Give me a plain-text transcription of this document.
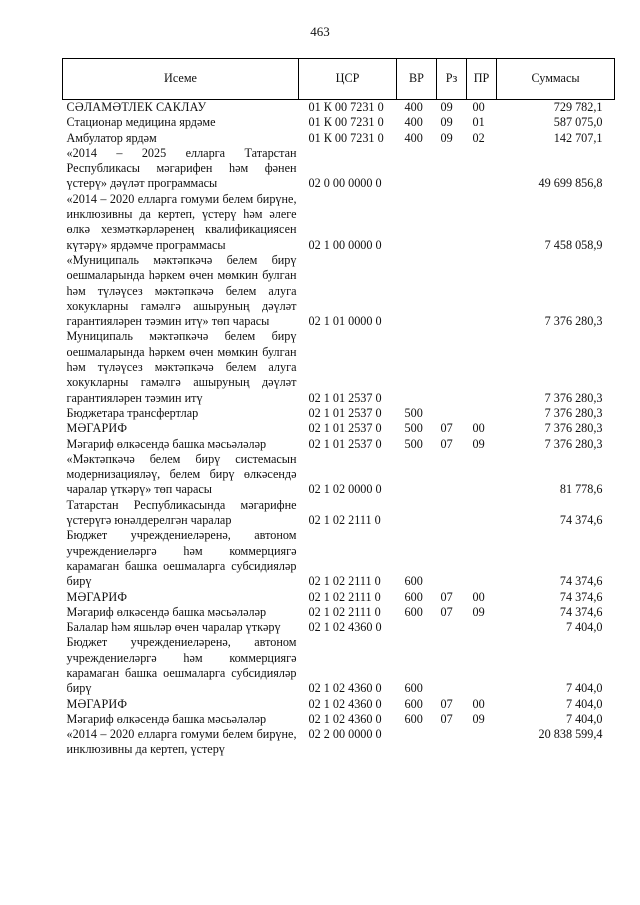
463
Исеме	ЦСР	ВР	Рз	ПР	Суммасы
СӘЛАМӘТЛЕК САКЛАУ	01 К 00 7231 0	400	09	00	729 782,1
Стационар медицина ярдәме	01 К 00 7231 0	400	09	01	587 075,0
Амбулатор ярдәм	01 К 00 7231 0	400	09	02	142 707,1
«2014 – 2025 елларга Татарстан Республикасы мәгарифен һәм фәнен үстерү» дәүләт программасы	02 0 00 0000 0				49 699 856,8
«2014 – 2020 елларга гомуми белем бирүне, инклюзивны да кертеп, үстерү һәм әлеге өлкә хезмәткәрләренең квалификациясен күтәрү» ярдәмче программасы	02 1 00 0000 0				7 458 058,9
«Муниципаль мәктәпкәчә белем бирү оешмаларында һәркем өчен мөмкин булган һәм түләүсез мәктәпкәчә белем алуга хокукларны гамәлгә ашыруның дәүләт гарантияләрен тәэмин итү» төп чарасы	02 1 01 0000 0				7 376 280,3
Муниципаль мәктәпкәчә белем бирү оешмаларында һәркем өчен мөмкин булган һәм түләүсез мәктәпкәчә белем алуга хокукларны гамәлгә ашыруның дәүләт гарантияләрен тәэмин итү	02 1 01 2537 0				7 376 280,3
Бюджетара трансфертлар	02 1 01 2537 0	500			7 376 280,3
МӘГАРИФ	02 1 01 2537 0	500	07	00	7 376 280,3
Мәгариф өлкәсендә башка мәсьәләләр	02 1 01 2537 0	500	07	09	7 376 280,3
«Мәктәпкәчә белем бирү системасын модернизацияләү, белем бирү өлкәсендә чаралар үткәрү» төп чарасы	02 1 02 0000 0				81 778,6
Татарстан Республикасында мәгарифне үстерүгә юнәлдерелгән чаралар	02 1 02 2111 0				74 374,6
Бюджет учреждениеләренә, автоном учреждениеләргә һәм коммерциягә карамаган башка оешмаларга субсидияләр бирү	02 1 02 2111 0	600			74 374,6
МӘГАРИФ	02 1 02 2111 0	600	07	00	74 374,6
Мәгариф өлкәсендә башка мәсьәләләр	02 1 02 2111 0	600	07	09	74 374,6
Балалар һәм яшьләр өчен чаралар үткәрү	02 1 02 4360 0				7 404,0
Бюджет учреждениеләренә, автоном учреждениеләргә һәм коммерциягә карамаган башка оешмаларга субсидияләр бирү	02 1 02 4360 0	600			7 404,0
МӘГАРИФ	02 1 02 4360 0	600	07	00	7 404,0
Мәгариф өлкәсендә башка мәсьәләләр	02 1 02 4360 0	600	07	09	7 404,0
«2014 – 2020 елларга гомуми белем бирүне, инклюзивны да кертеп, үстерү	02 2 00 0000 0				20 838 599,4
